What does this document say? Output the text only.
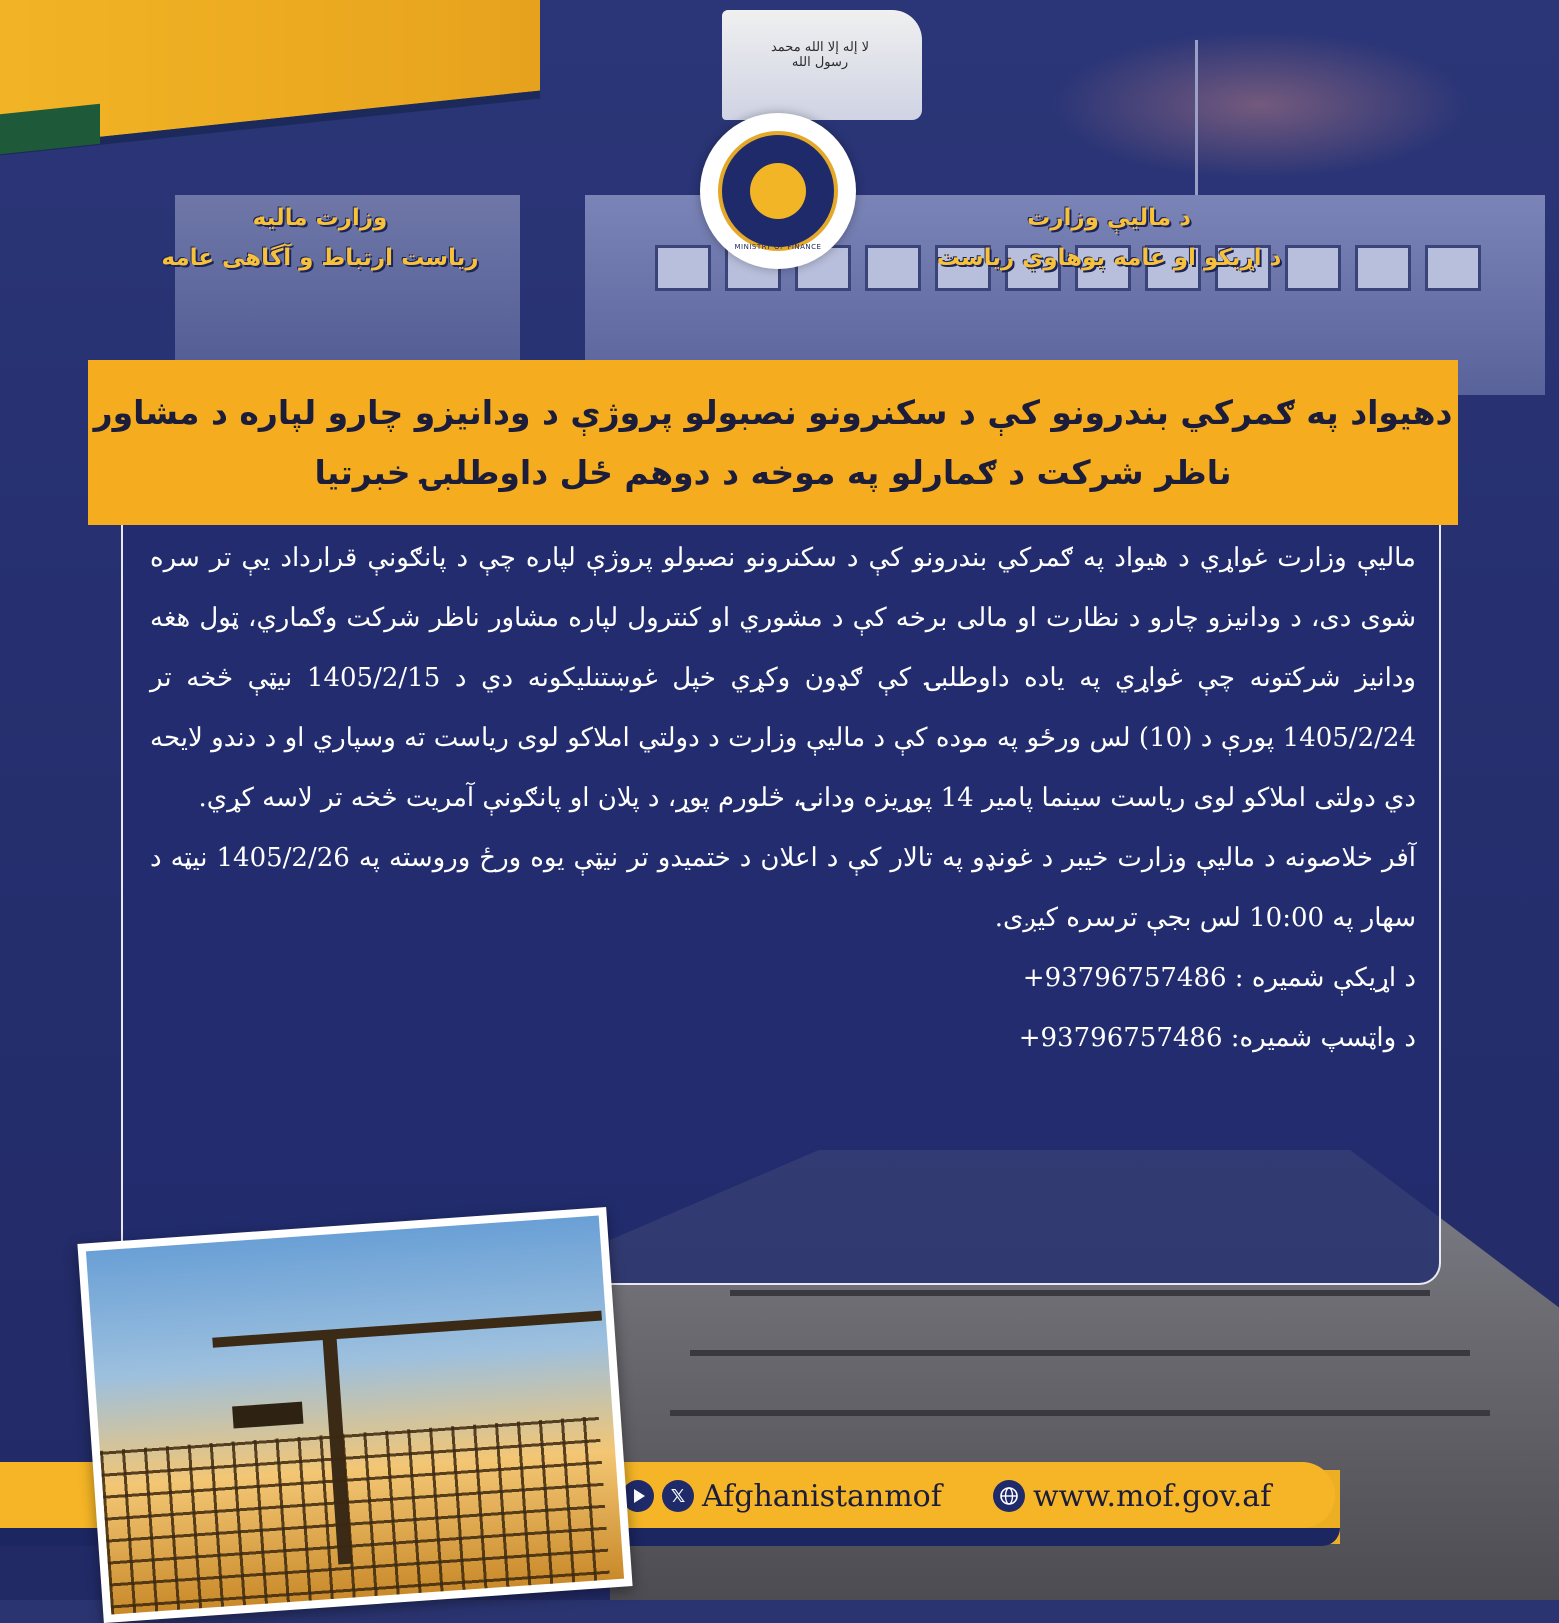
لا إله إلا الله محمد رسول الله
MINISTRY OF FINANCE
د ماليې وزارت
د اړیکو او عامه پوهاوي رياست
وزارت ماليه
رياست ارتباط و آگاهی عامه
دهیواد په ګمرکي بندرونو کې د سکنرونو نصبولو پروژې د ودانیزو چارو لپاره د مشاور
ناظر شرکت د ګمارلو په موخه د دوهم ځل داوطلبۍ خبرتیا

ماليې وزارت غواړي د هيواد په ګمرکي بندرونو کې د سکنرونو نصبولو پروژې لپاره چې د پانګونې قرارداد يې تر سره شوی دی، د ودانیزو چارو د نظارت او مالی برخه کې د مشوري او کنترول لپاره مشاور ناظر شرکت وګماري، ټول هغه ودانيز شرکتونه چې غواړي په ياده داوطلبۍ کې ګډون وکړي خپل غوښتنلیکونه دي د 1405/2/15 نیټې څخه تر 1405/2/24 پورې د (10) لس ورځو په موده کې د ماليې وزارت د دولتي املاکو لوی رياست ته وسپاري او د دندو لایحه دي دولتی املاکو لوی ریاست سینما پامیر 14 پوړیزه ودانۍ، څلورم پوړ، د پلان او پانګونې آمریت څخه تر لاسه کړي.

آفر خلاصونه د ماليې وزارت خيبر د غونډو په تالار کې د اعلان د ختمیدو تر نیټې يوه ورځ وروسته په 1405/2/26 نیټه د سهار په 10:00 لس بجې ترسره کیږی.

د اړيکې شميره : +93796757486

د واټسپ شمیره: +93796757486

𝕏 Afghanistanmof	www.mof.gov.af
